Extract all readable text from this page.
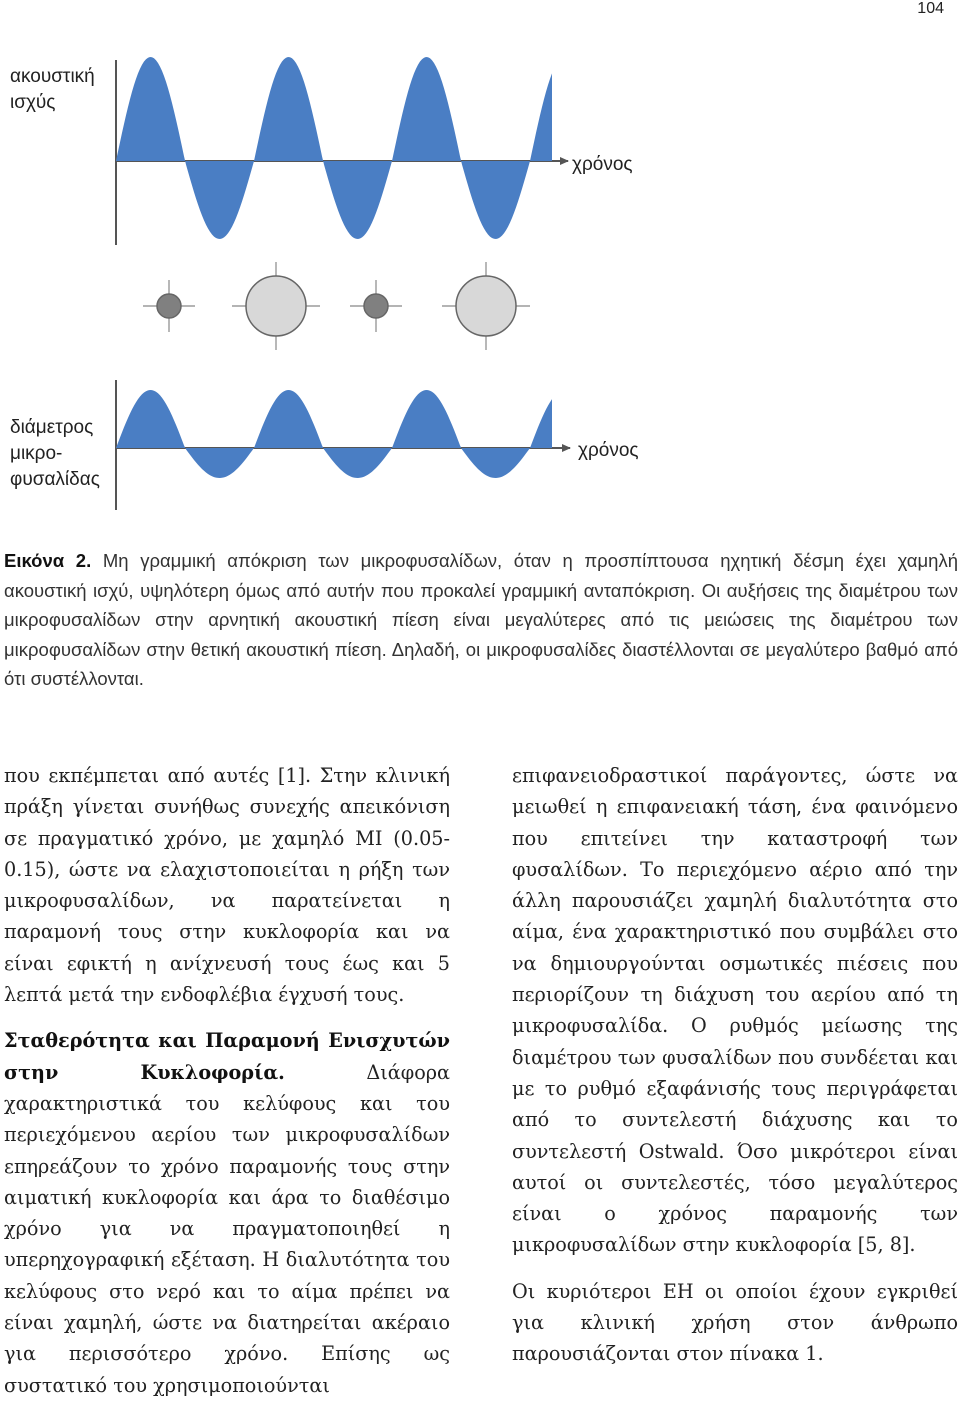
104
ακουστική
ισχύς
χρόνος
διάμετρος
μικρο-
φυσαλίδας
χρόνος
Εικόνα 2. Μη γραμμική απόκριση των μικροφυσαλίδων, όταν η προσπίπτουσα ηχητική δέσμη έχει χαμηλή ακουστική ισχύ, υψηλότερη όμως από αυτήν που προκαλεί γραμμική ανταπόκριση. Οι αυξήσεις της διαμέτρου των μικροφυσαλίδων στην αρνητική ακουστική πίεση είναι μεγαλύτερες από τις μειώσεις της διαμέτρου των μικροφυσαλίδων στην θετική ακουστική πίεση. Δηλαδή, οι μικροφυσαλίδες διαστέλλονται σε μεγαλύτερο βαθμό από ότι συστέλλονται.

που εκπέμπεται από αυτές [1]. Στην κλινική πράξη γίνεται συνήθως συνεχής απεικόνιση σε πραγματικό χρόνο, με χαμηλό MI (0.05-0.15), ώστε να ελαχιστοποιείται η ρήξη των μικροφυσαλίδων, να παρατείνεται η παραμονή τους στην κυκλοφορία και να είναι εφικτή η ανίχνευσή τους έως και 5 λεπτά μετά την ενδοφλέβια έγχυσή τους.

Σταθερότητα και Παραμονή Ενισχυτών στην Κυκλοφορία. Διάφορα χαρακτηριστικά του κελύφους και του περιεχόμενου αερίου των μικροφυσαλίδων επηρεάζουν το χρόνο παραμονής τους στην αιματική κυκλοφορία και άρα το διαθέσιμο χρόνο για να πραγματοποιηθεί η υπερηχογραφική εξέταση. Η διαλυτότητα του κελύφους στο νερό και το αίμα πρέπει να είναι χαμηλή, ώστε να διατηρείται ακέραιο για περισσότερο χρόνο. Επίσης ως συστατικό του χρησιμοποιούνται

επιφανειοδραστικοί παράγοντες, ώστε να μειωθεί η επιφανειακή τάση, ένα φαινόμενο που επιτείνει την καταστροφή των φυσαλίδων. Το περιεχόμενο αέριο από την άλλη παρουσιάζει χαμηλή διαλυτότητα στο αίμα, ένα χαρακτηριστικό που συμβάλει στο να δημιουργούνται οσμωτικές πιέσεις που περιορίζουν τη διάχυση του αερίου από τη μικροφυσαλίδα. Ο ρυθμός μείωσης της διαμέτρου των φυσαλίδων που συνδέεται και με το ρυθμό εξαφάνισής τους περιγράφεται από το συντελεστή διάχυσης και το συντελεστή Ostwald. Όσο μικρότεροι είναι αυτοί οι συντελεστές, τόσο μεγαλύτερος είναι ο χρόνος παραμονής των μικροφυσαλίδων στην κυκλοφορία [5, 8].

Οι κυριότεροι ΕΗ οι οποίοι έχουν εγκριθεί για κλινική χρήση στον άνθρωπο παρουσιάζονται στον πίνακα 1.
